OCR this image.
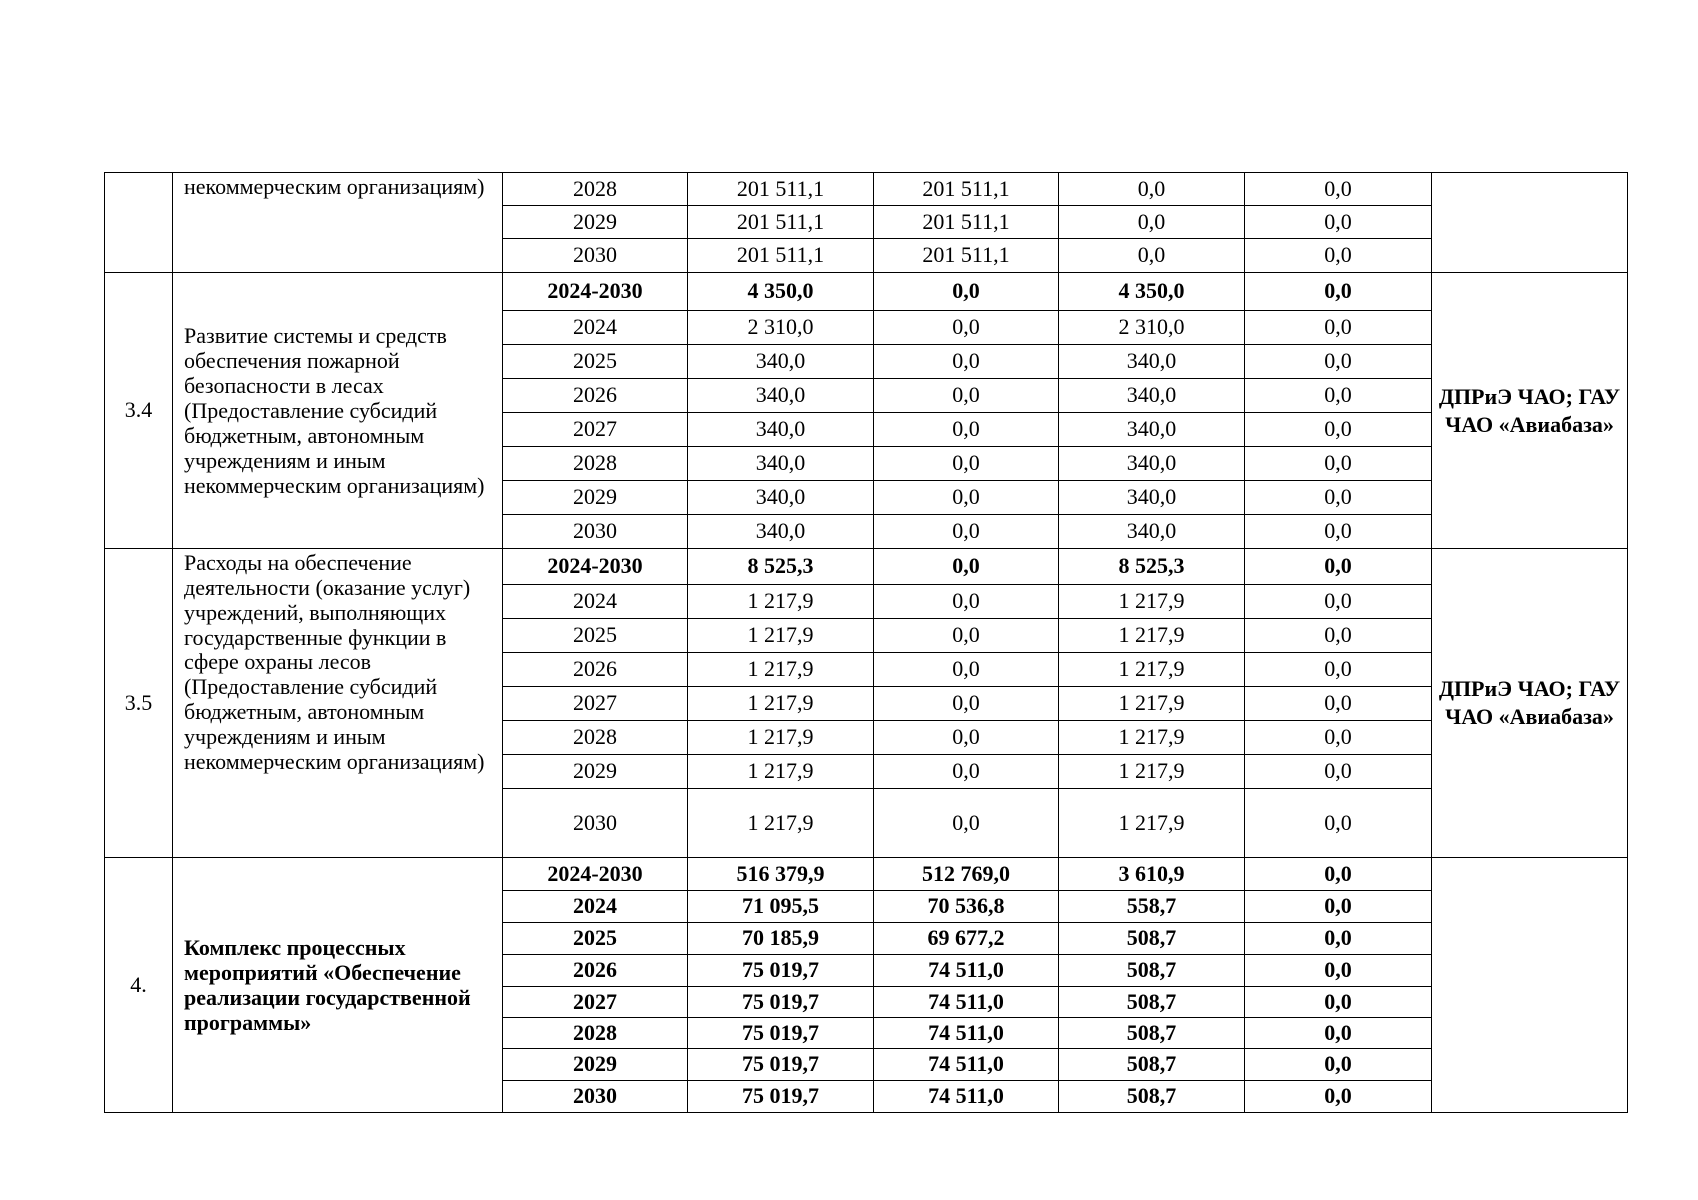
	некоммерческим организациям)	2028	201 511,1	201 511,1	0,0	0,0	
		2029	201 511,1	201 511,1	0,0	0,0	
		2030	201 511,1	201 511,1	0,0	0,0	
3.4	Развитие системы и средств обеспечения пожарной безопасности в лесах (Предоставление субсидий бюджетным, автономным учреждениям и иным некоммерческим организациям)	2024-2030	4 350,0	0,0	4 350,0	0,0	ДПРиЭ ЧАО; ГАУ ЧАО «Авиабаза»
		2024	2 310,0	0,0	2 310,0	0,0	
		2025	340,0	0,0	340,0	0,0	
		2026	340,0	0,0	340,0	0,0	
		2027	340,0	0,0	340,0	0,0	
		2028	340,0	0,0	340,0	0,0	
		2029	340,0	0,0	340,0	0,0	
		2030	340,0	0,0	340,0	0,0	
3.5	Расходы на обеспечение деятельности (оказание услуг) учреждений, выполняющих государственные функции в сфере охраны лесов (Предоставление субсидий бюджетным, автономным учреждениям и иным некоммерческим организациям)	2024-2030	8 525,3	0,0	8 525,3	0,0	ДПРиЭ ЧАО; ГАУ ЧАО «Авиабаза»
		2024	1 217,9	0,0	1 217,9	0,0	
		2025	1 217,9	0,0	1 217,9	0,0	
		2026	1 217,9	0,0	1 217,9	0,0	
		2027	1 217,9	0,0	1 217,9	0,0	
		2028	1 217,9	0,0	1 217,9	0,0	
		2029	1 217,9	0,0	1 217,9	0,0	
		2030	1 217,9	0,0	1 217,9	0,0	
4.	Комплекс процессных мероприятий «Обеспечение реализации государственной программы»	2024-2030	516 379,9	512 769,0	3 610,9	0,0	
		2024	71 095,5	70 536,8	558,7	0,0	
		2025	70 185,9	69 677,2	508,7	0,0	
		2026	75 019,7	74 511,0	508,7	0,0	
		2027	75 019,7	74 511,0	508,7	0,0	
		2028	75 019,7	74 511,0	508,7	0,0	
		2029	75 019,7	74 511,0	508,7	0,0	
		2030	75 019,7	74 511,0	508,7	0,0	
